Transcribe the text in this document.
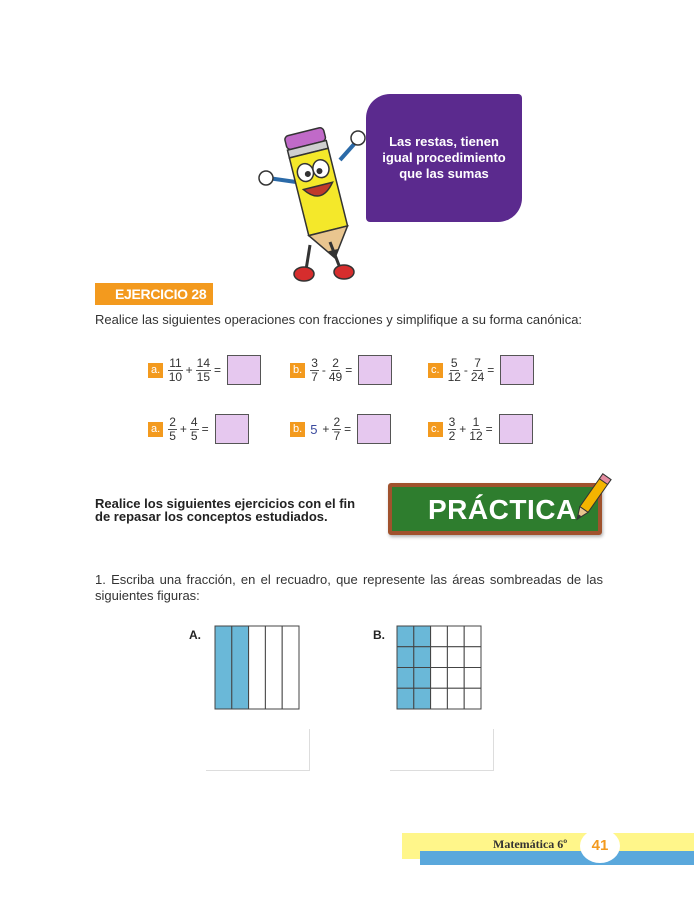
Las restas, tienen igual procedimiento que las sumas
EJERCICIO 28
Realice las siguientes operaciones con fracciones y simplifique a su forma canónica:
a. $\frac{11}{10} + \frac{14}{15}$ =	b. $\frac{3}{7} - \frac{2}{49}$ =	c. $\frac{5}{12} - \frac{7}{24}$ =
a. $\frac{2}{5} + \frac{4}{5}$ =	b. $5 + \frac{2}{7}$ =	c. $\frac{3}{2} + \frac{1}{12}$ =
Realice los siguientes ejercicios con el fin
de repasar los conceptos estudiados.	PRÁCTICA
1. Escriba una fracción, en el recuadro, que represente las áreas sombreadas de las siguientes figuras:
A.	B.
Matemática 6º	41
